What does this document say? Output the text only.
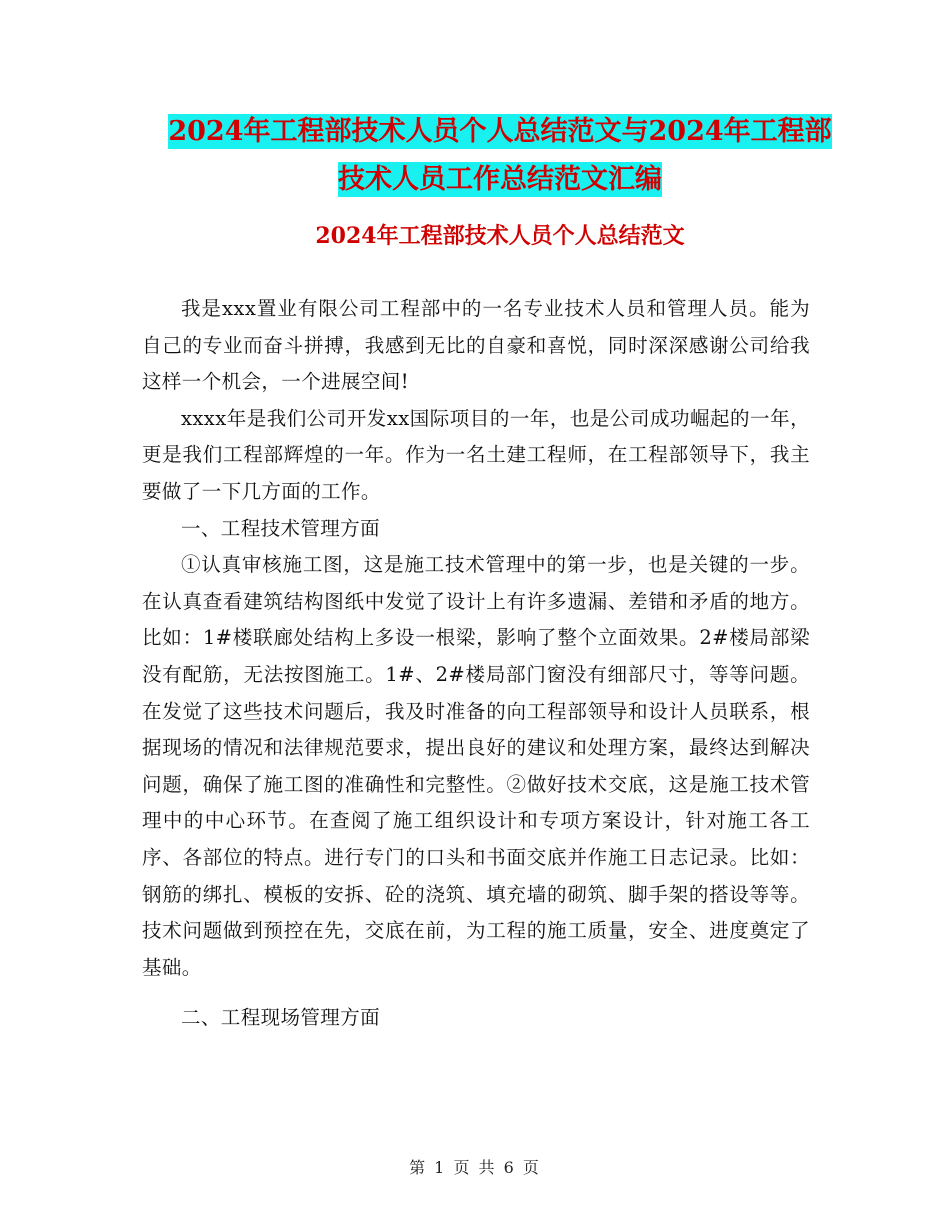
2024年工程部技术人员个人总结范文与2024年工程部
技术人员工作总结范文汇编
2024年工程部技术人员个人总结范文

我是xxx置业有限公司工程部中的一名专业技术人员和管理人员。能为自己的专业而奋斗拼搏，我感到无比的自豪和喜悦，同时深深感谢公司给我这样一个机会，一个进展空间!

xxxx年是我们公司开发xx国际项目的一年，也是公司成功崛起的一年，更是我们工程部辉煌的一年。作为一名土建工程师，在工程部领导下，我主要做了一下几方面的工作。

一、工程技术管理方面

①认真审核施工图，这是施工技术管理中的第一步，也是关键的一步。在认真查看建筑结构图纸中发觉了设计上有许多遗漏、差错和矛盾的地方。比如：1#楼联廊处结构上多设一根梁，影响了整个立面效果。2#楼局部梁没有配筋，无法按图施工。1#、2#楼局部门窗没有细部尺寸，等等问题。在发觉了这些技术问题后，我及时准备的向工程部领导和设计人员联系，根据现场的情况和法律规范要求，提出良好的建议和处理方案，最终达到解决问题，确保了施工图的准确性和完整性。②做好技术交底，这是施工技术管理中的中心环节。在查阅了施工组织设计和专项方案设计，针对施工各工序、各部位的特点。进行专门的口头和书面交底并作施工日志记录。比如：钢筋的绑扎、模板的安拆、砼的浇筑、填充墙的砌筑、脚手架的搭设等等。技术问题做到预控在先，交底在前，为工程的施工质量，安全、进度奠定了基础。

二、工程现场管理方面

第 1 页 共 6 页
